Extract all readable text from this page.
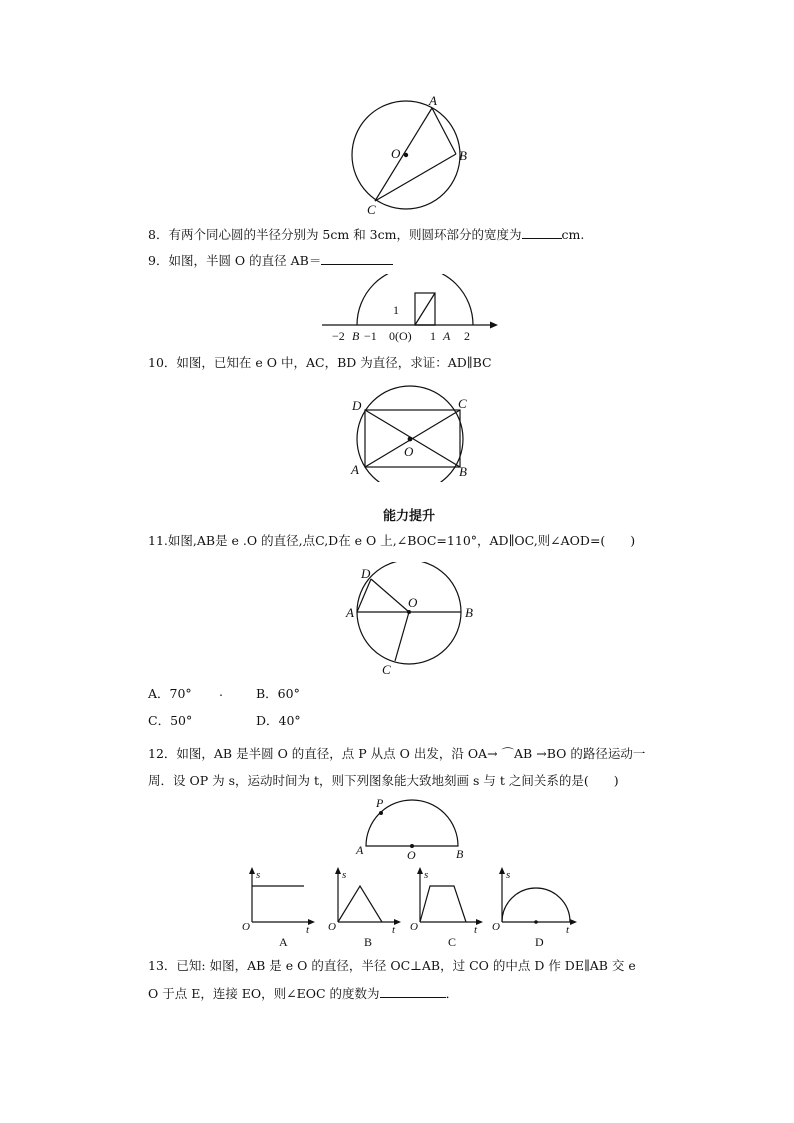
A
B
C
O
8．有两个同心圆的半径分别为 5cm 和 3cm，则圆环部分的宽度为	cm.
9．如图，半圆 O 的直径 AB＝
1
−2 B −1 0(O) 1 A 2
10．如图，已知在 e O 中，AC，BD 为直径，求证：AD∥BC
D	C
A	B
O
能力提升
11.如图,AB是 e .O 的直径,点C,D在 e O 上,∠BOC=110°，AD∥OC,则∠AOD=(　　)
D
A	B
O
C
A．70° .	B．60°
C．50°	D．40°
12．如图，AB 是半圆 O 的直径，点 P 从点 O 出发，沿 OA→ ⌒AB →BO 的路径运动一
周．设 OP 为 s，运动时间为 t，则下列图象能大致地刻画 s 与 t 之间关系的是(　　)
P
A	O	B
s
O	t
A
s
O	t
B
s
O	t
C
s
O	t
D
13．已知: 如图，AB 是 e O 的直径，半径 OC⊥AB，过 CO 的中点 D 作 DE∥AB 交 e
O 于点 E，连接 EO，则∠EOC 的度数为	．
